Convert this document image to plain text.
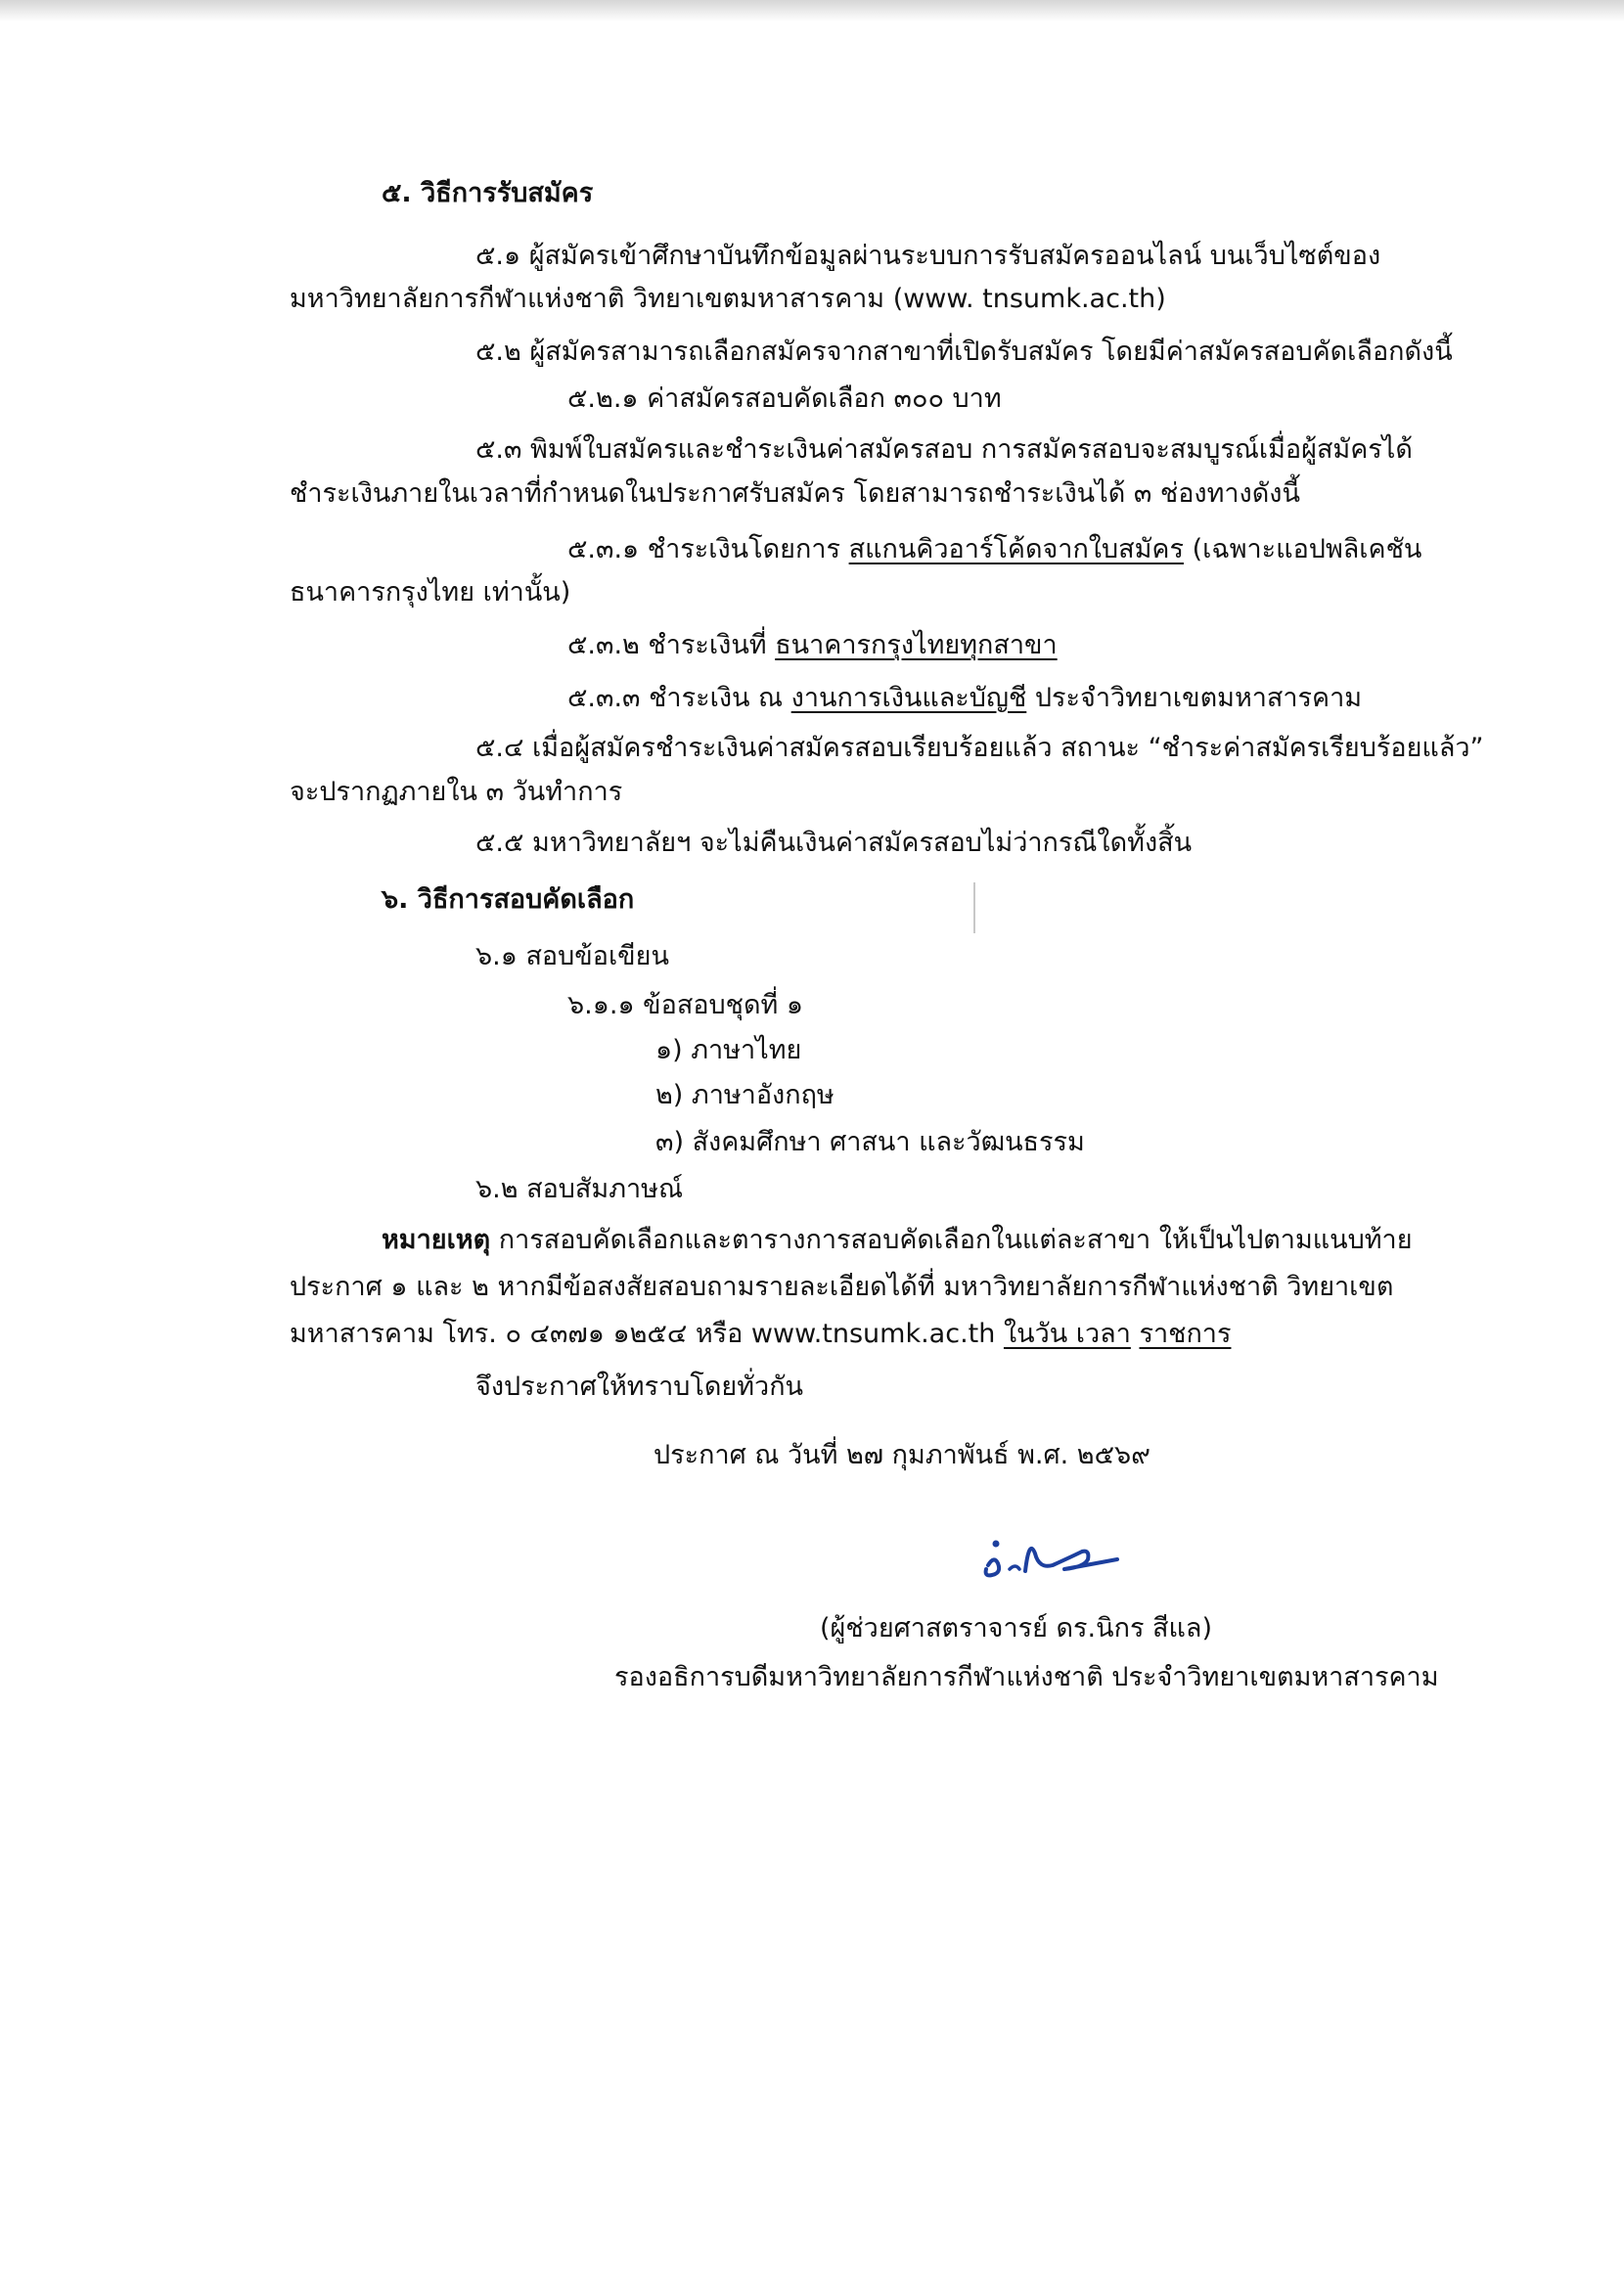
๕. วิธีการรับสมัคร
๕.๑ ผู้สมัครเข้าศึกษาบันทึกข้อมูลผ่านระบบการรับสมัครออนไลน์ บนเว็บไซต์ของ
มหาวิทยาลัยการกีฬาแห่งชาติ วิทยาเขตมหาสารคาม (www. tnsumk.ac.th)
๕.๒ ผู้สมัครสามารถเลือกสมัครจากสาขาที่เปิดรับสมัคร โดยมีค่าสมัครสอบคัดเลือกดังนี้
๕.๒.๑ ค่าสมัครสอบคัดเลือก ๓๐๐ บาท
๕.๓ พิมพ์ใบสมัครและชำระเงินค่าสมัครสอบ การสมัครสอบจะสมบูรณ์เมื่อผู้สมัครได้
ชำระเงินภายในเวลาที่กำหนดในประกาศรับสมัคร โดยสามารถชำระเงินได้ ๓ ช่องทางดังนี้
๕.๓.๑ ชำระเงินโดยการ สแกนคิวอาร์โค้ดจากใบสมัคร (เฉพาะแอปพลิเคชัน
ธนาคารกรุงไทย เท่านั้น)
๕.๓.๒ ชำระเงินที่ ธนาคารกรุงไทยทุกสาขา
๕.๓.๓ ชำระเงิน ณ งานการเงินและบัญชี ประจำวิทยาเขตมหาสารคาม
๕.๔ เมื่อผู้สมัครชำระเงินค่าสมัครสอบเรียบร้อยแล้ว สถานะ “ชำระค่าสมัครเรียบร้อยแล้ว”
จะปรากฏภายใน ๓ วันทำการ
๕.๕ มหาวิทยาลัยฯ จะไม่คืนเงินค่าสมัครสอบไม่ว่ากรณีใดทั้งสิ้น
๖. วิธีการสอบคัดเลือก
๖.๑ สอบข้อเขียน
๖.๑.๑ ข้อสอบชุดที่ ๑
๑) ภาษาไทย
๒) ภาษาอังกฤษ
๓) สังคมศึกษา ศาสนา และวัฒนธรรม
๖.๒ สอบสัมภาษณ์
หมายเหตุ การสอบคัดเลือกและตารางการสอบคัดเลือกในแต่ละสาขา ให้เป็นไปตามแนบท้าย
ประกาศ ๑ และ ๒ หากมีข้อสงสัยสอบถามรายละเอียดได้ที่ มหาวิทยาลัยการกีฬาแห่งชาติ วิทยาเขต
มหาสารคาม โทร. ๐ ๔๓๗๑ ๑๒๕๔ หรือ www.tnsumk.ac.th ในวัน เวลา ราชการ
จึงประกาศให้ทราบโดยทั่วกัน
ประกาศ ณ วันที่ ๒๗ กุมภาพันธ์ พ.ศ. ๒๕๖๙
(ผู้ช่วยศาสตราจารย์ ดร.นิกร สีแล)
รองอธิการบดีมหาวิทยาลัยการกีฬาแห่งชาติ ประจำวิทยาเขตมหาสารคาม
